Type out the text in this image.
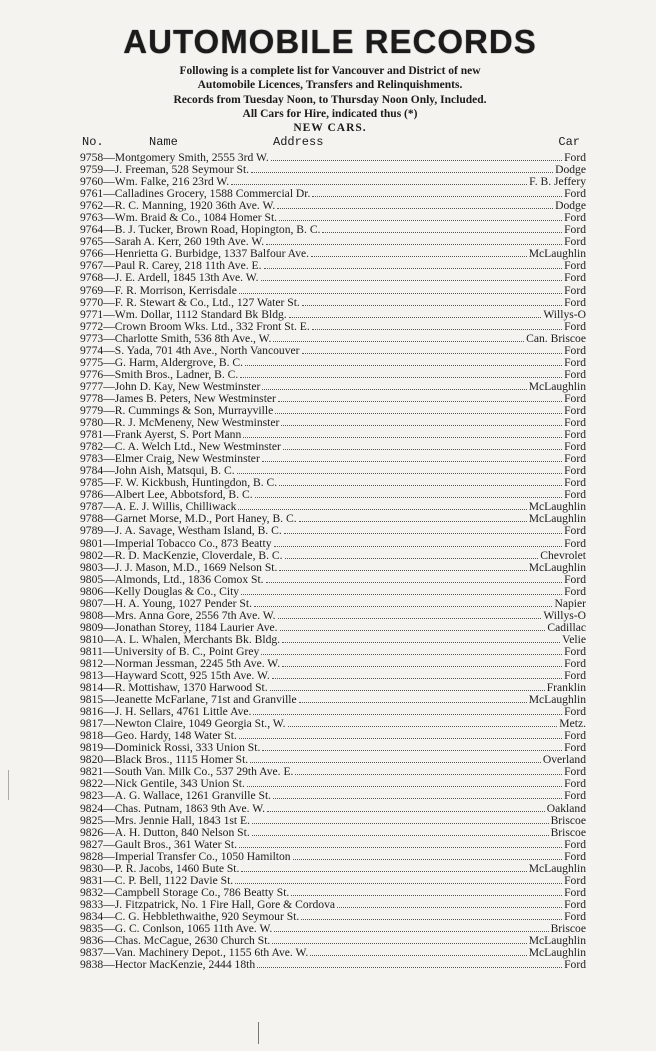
AUTOMOBILE RECORDS

Following is a complete list for Vancouver and District of new

Automobile Licences, Transfers and Relinquishments.

Records from Tuesday Noon, to Thursday Noon Only, Included.

All Cars for Hire, indicated thus (*)

NEW CARS.
No.	Name	Address	Car
9758 — Montgomery Smith, 2555 3rd W.	Ford
9759 — J. Freeman, 528 Seymour St.	Dodge
9760 — Wm. Falke, 216 23rd W.	F. B. Jeffery
9761 — Calladines Grocery, 1588 Commercial Dr.	Ford
9762 — R. C. Manning, 1920 36th Ave. W.	Dodge
9763 — Wm. Braid & Co., 1084 Homer St.	Ford
9764 — B. J. Tucker, Brown Road, Hopington, B. C.	Ford
9765 — Sarah A. Kerr, 260 19th Ave. W.	Ford
9766 — Henrietta G. Burbidge, 1337 Balfour Ave.	McLaughlin
9767 — Paul R. Carey, 218 11th Ave. E.	Ford
9768 — J. E. Ardell, 1845 13th Ave. W.	Ford
9769 — F. R. Morrison, Kerrisdale	Ford
9770 — F. R. Stewart & Co., Ltd., 127 Water St.	Ford
9771 — Wm. Dollar, 1112 Standard Bk Bldg.	Willys-O
9772 — Crown Broom Wks. Ltd., 332 Front St. E.	Ford
9773 — Charlotte Smith, 536 8th Ave., W.	Can. Briscoe
9774 — S. Yada, 701 4th Ave., North Vancouver	Ford
9775 — G. Harm, Aldergrove, B. C.	Ford
9776 — Smith Bros., Ladner, B. C.	Ford
9777 — John D. Kay, New Westminster	McLaughlin
9778 — James B. Peters, New Westminster	Ford
9779 — R. Cummings & Son, Murrayville	Ford
9780 — R. J. McMeneny, New Westminster	Ford
9781 — Frank Ayerst, S. Port Mann	Ford
9782 — C. A. Welch Ltd., New Westminster	Ford
9783 — Elmer Craig, New Westminster	Ford
9784 — John Aish, Matsqui, B. C.	Ford
9785 — F. W. Kickbush, Huntingdon, B. C.	Ford
9786 — Albert Lee, Abbotsford, B. C.	Ford
9787 — A. E. J. Willis, Chilliwack	McLaughlin
9788 — Garnet Morse, M.D., Port Haney, B. C.	McLaughlin
9789 — J. A. Savage, Westham Island, B. C.	Ford
9801 — Imperial Tobacco Co., 873 Beatty	Ford
9802 — R. D. MacKenzie, Cloverdale, B. C.	Chevrolet
9803 — J. J. Mason, M.D., 1669 Nelson St.	McLaughlin
9805 — Almonds, Ltd., 1836 Comox St.	Ford
9806 — Kelly Douglas & Co., City	Ford
9807 — H. A. Young, 1027 Pender St.	Napier
9808 — Mrs. Anna Gore, 2556 7th Ave. W.	Willys-O
9809 — Jonathan Storey, 1184 Laurier Ave.	Cadillac
9810 — A. L. Whalen, Merchants Bk. Bldg.	Velie
9811 — University of B. C., Point Grey	Ford
9812 — Norman Jessman, 2245 5th Ave. W.	Ford
9813 — Hayward Scott, 925 15th Ave. W.	Ford
9814 — R. Mottishaw, 1370 Harwood St.	Franklin
9815 — Jeanette McFarlane, 71st and Granville	McLaughlin
9816 — J. H. Sellars, 4761 Little Ave.	Ford
9817 — Newton Claire, 1049 Georgia St., W.	Metz.
9818 — Geo. Hardy, 148 Water St.	Ford
9819 — Dominick Rossi, 333 Union St.	Ford
9820 — Black Bros., 1115 Homer St.	Overland
9821 — South Van. Milk Co., 537 29th Ave. E.	Ford
9822 — Nick Gentile, 343 Union St.	Ford
9823 — A. G. Wallace, 1261 Granville St.	Ford
9824 — Chas. Putnam, 1863 9th Ave. W.	Oakland
9825 — Mrs. Jennie Hall, 1843 1st E.	Briscoe
9826 — A. H. Dutton, 840 Nelson St.	Briscoe
9827 — Gault Bros., 361 Water St.	Ford
9828 — Imperial Transfer Co., 1050 Hamilton	Ford
9830 — P. R. Jacobs, 1460 Bute St.	McLaughlin
9831 — C. P. Bell, 1122 Davie St.	Ford
9832 — Campbell Storage Co., 786 Beatty St.	Ford
9833 — J. Fitzpatrick, No. 1 Fire Hall, Gore & Cordova	Ford
9834 — C. G. Hebblethwaithe, 920 Seymour St.	Ford
9835 — G. C. Conlson, 1065 11th Ave. W.	Briscoe
9836 — Chas. McCague, 2630 Church St.	McLaughlin
9837 — Van. Machinery Depot., 1155 6th Ave. W.	McLaughlin
9838 — Hector MacKenzie, 2444 18th	Ford
